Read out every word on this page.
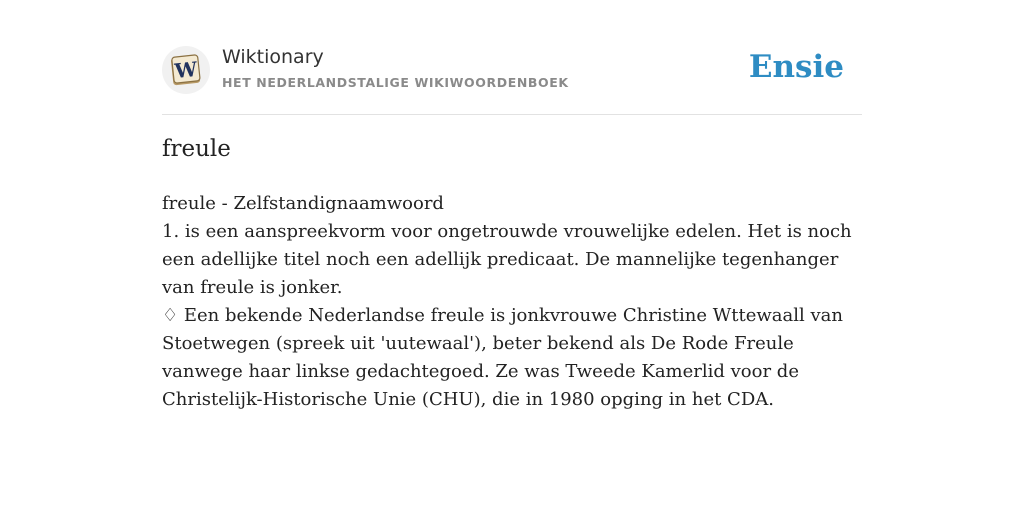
W Wiktionary
HET NEDERLANDSTALIGE WIKIWOORDENBOEK	Ensie
freule

freule - Zelfstandignaamwoord

1. is een aanspreekvorm voor ongetrouwde vrouwelijke edelen. Het is noch een adellijke titel noch een adellijk predicaat. De mannelijke tegenhanger van freule is jonker.

♢ Een bekende Nederlandse freule is jonkvrouwe Christine Wttewaall van Stoetwegen (spreek uit 'uutewaal'), beter bekend als De Rode Freule vanwege haar linkse gedachtegoed. Ze was Tweede Kamerlid voor de Christelijk-Historische Unie (CHU), die in 1980 opging in het CDA.
